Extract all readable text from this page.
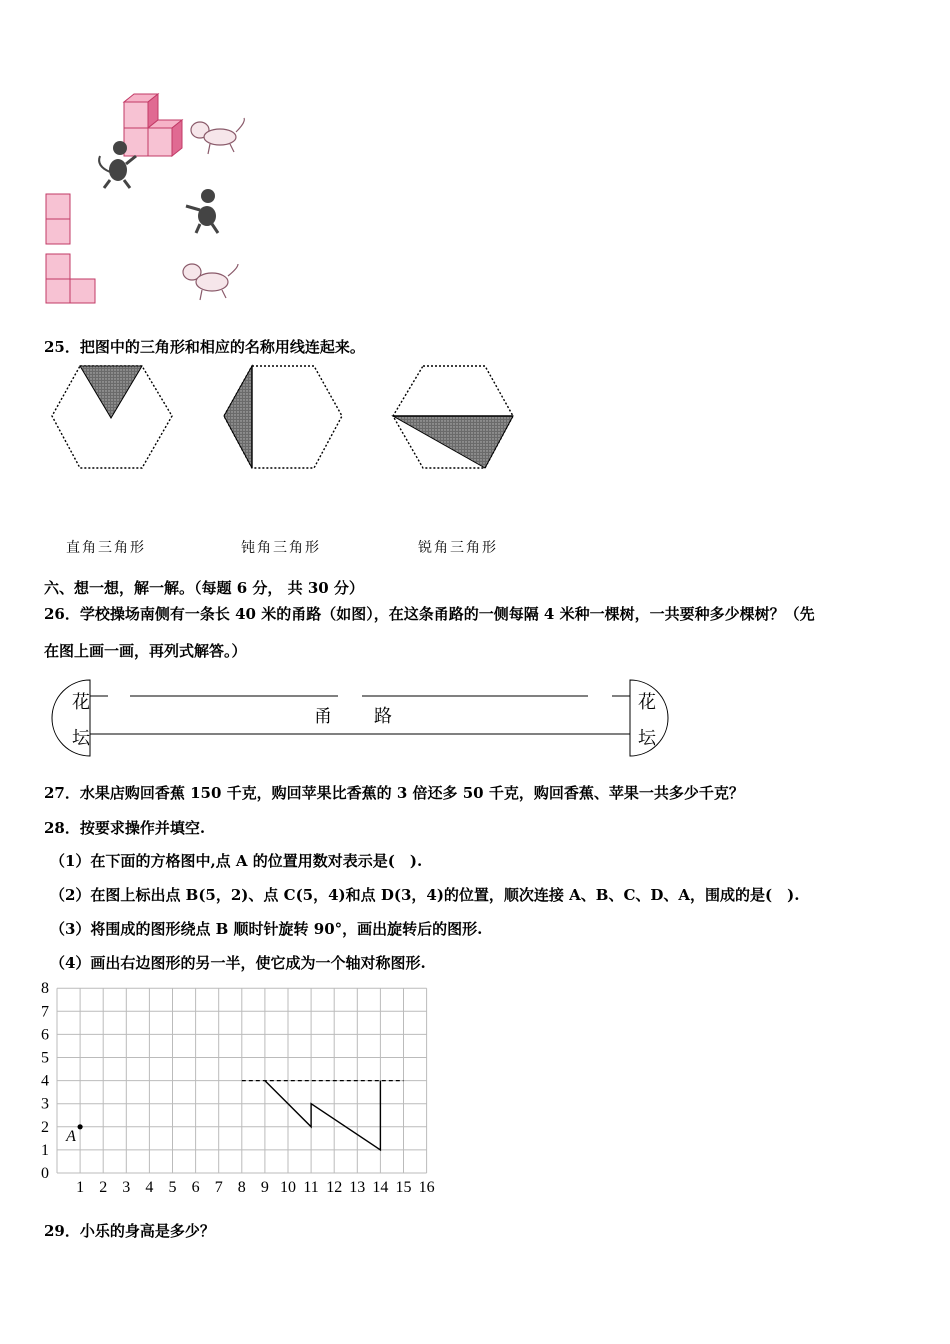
25．把图中的三角形和相应的名称用线连起来。
直角三角形	钝角三角形	锐角三角形
六、想一想，解一解。（每题 6 分， 共 30 分）
26．学校操场南侧有一条长 40 米的甬路（如图），在这条甬路的一侧每隔 4 米种一棵树，一共要种多少棵树？（先
在图上画一画，再列式解答。）
花
坛
花
坛
甬 路
27．水果店购回香蕉 150 千克，购回苹果比香蕉的 3 倍还多 50 千克，购回香蕉、苹果一共多少千克？
28．按要求操作并填空.
（1）在下面的方格图中,点 A 的位置用数对表示是(　).
（2）在图上标出点 B(5，2)、点 C(5，4)和点 D(3，4)的位置，顺次连接 A、B、C、D、A，围成的是(　).
（3）将围成的图形绕点 B 顺时针旋转 90°，画出旋转后的图形.
（4）画出右边图形的另一半，使它成为一个轴对称图形.
1 2 3 4 5 6 7 8 9 10 11 12 13 14 15 16
0
1
2
3
4
5
6
7
8
A
29．小乐的身高是多少？
